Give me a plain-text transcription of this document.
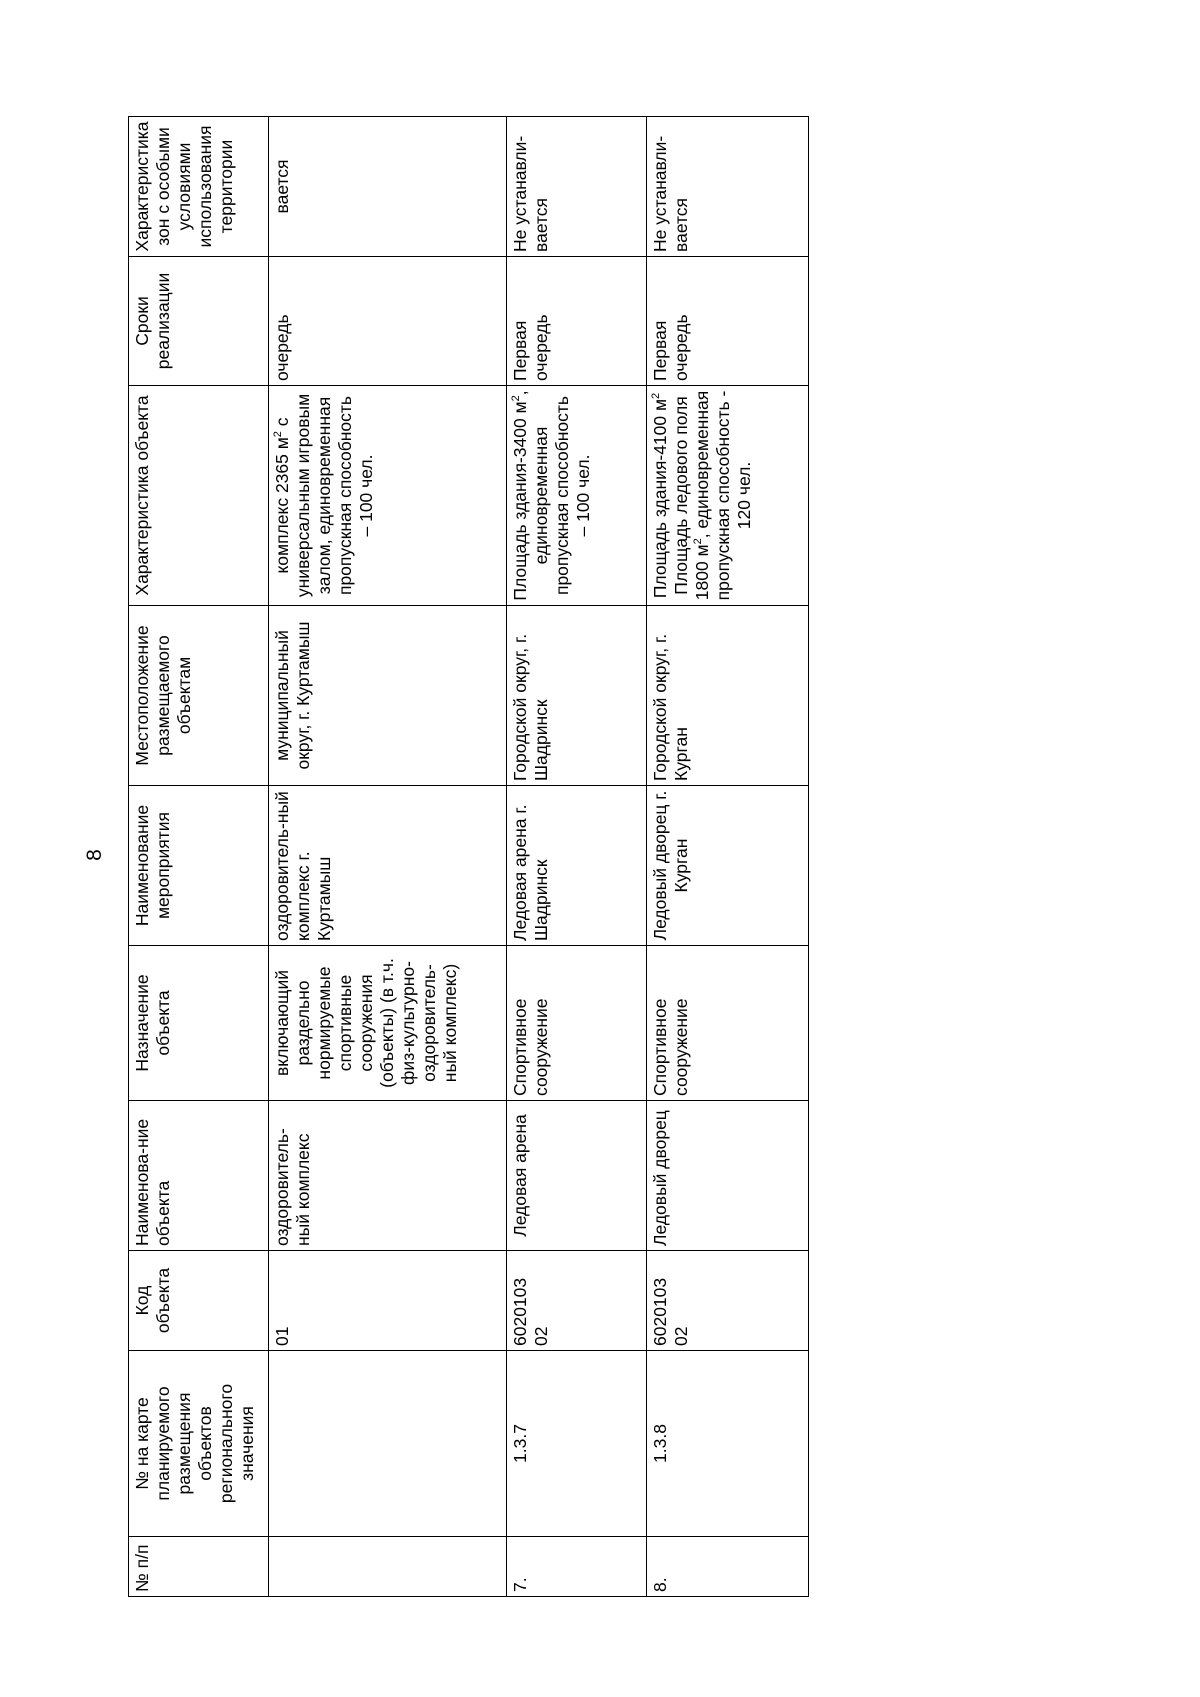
8
№ п/п	№ на карте планируемого размещения объектов регионального значения	Код объекта	Наименова-ние объекта	Назначение объекта	Наименование мероприятия	Местоположение размещаемого объектам	Характеристика объекта	Сроки реализации	Характеристика зон с особыми условиями использования территории
		01	оздоровитель-ный комплекс	включающий раздельно нормируемые спортивные сооружения (объекты) (в т.ч. физ-культурно-оздоровитель-ный комплекс)	оздоровитель-ный комплекс г. Куртамыш	муниципальный округ, г. Куртамыш	комплекс 2365 $м^2$ с универсальным игровым залом, единовременная пропускная способность – 100 чел.	очередь	вается
7.	1.3.7	6020103 02	Ледовая арена	Спортивное сооружение	Ледовая арена г. Шадринск	Городской округ, г. Шадринск	Площадь здания-3400 $м^2$, единовременная пропускная способность – 100 чел.	Первая очередь	Не устанавли-вается
8.	1.3.8	6020103 02	Ледовый дворец	Спортивное сооружение	Ледовый дворец г. Курган	Городской округ, г. Курган	Площадь здания-4100 $м^2$ Площадь ледового поля 1800 $м^2$, единовременная пропускная способность - 120 чел.	Первая очередь	Не устанавли-вается
